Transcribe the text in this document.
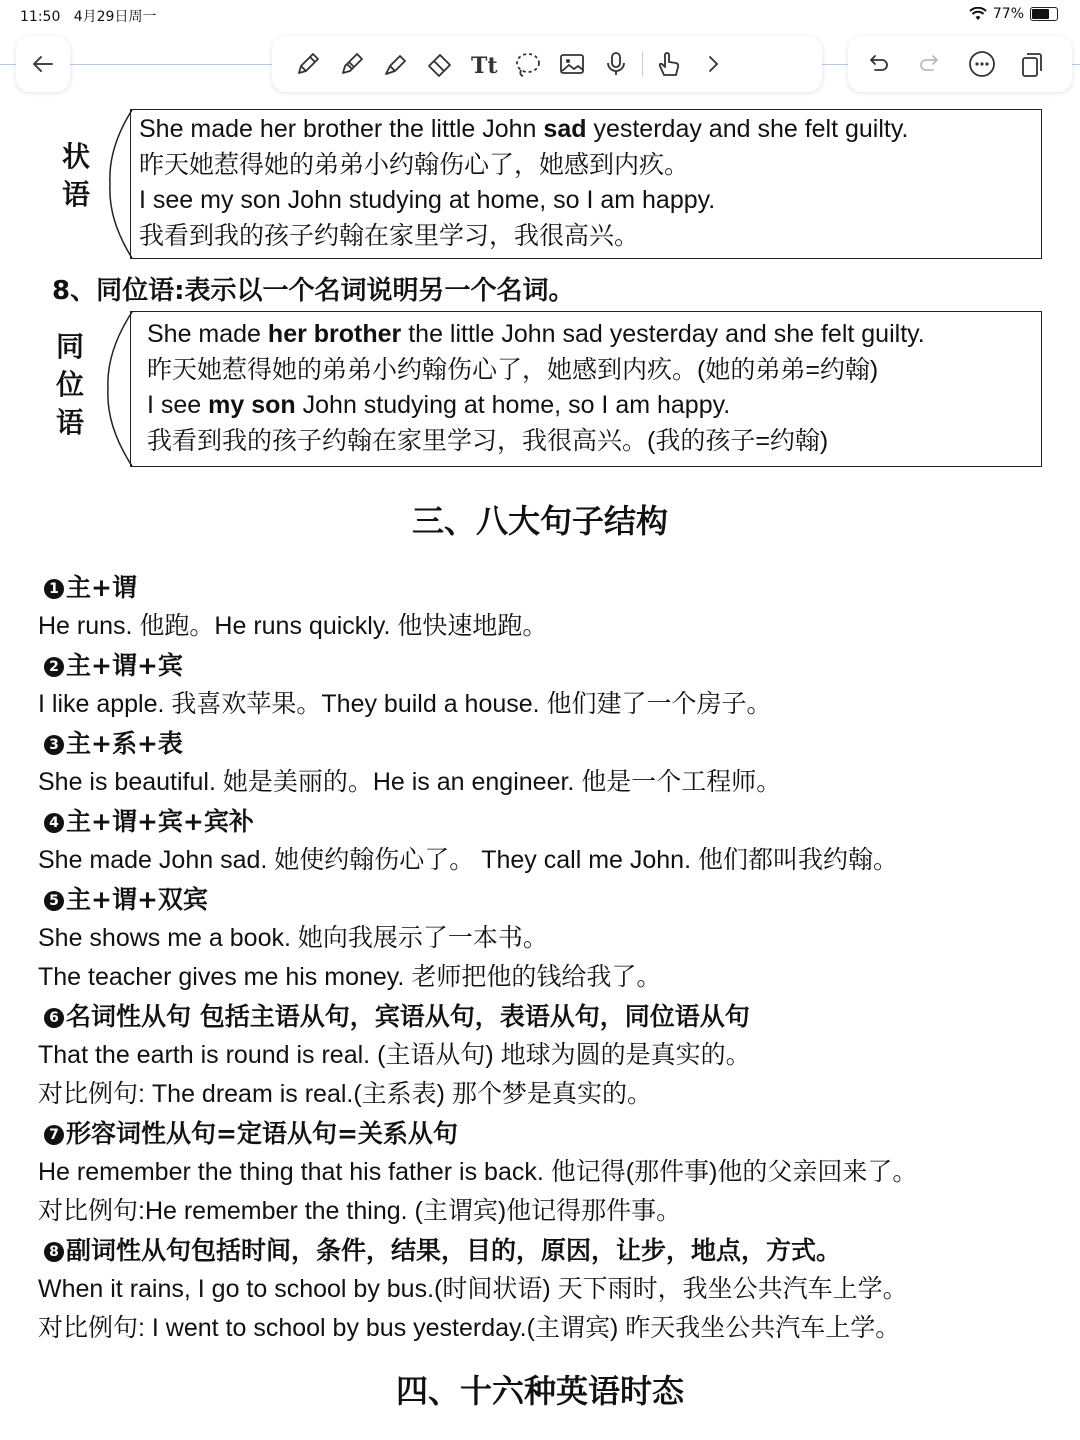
11:50 4月29日周一	77%
Tt
状
语

She made her brother the little John sad yesterday and she felt guilty.

昨天她惹得她的弟弟小约翰伤心了，她感到内疚。

I see my son John studying at home, so I am happy.

我看到我的孩子约翰在家里学习，我很高兴。

8、同位语:表示以一个名词说明另一个名词。
同
位
语

She made her brother the little John sad yesterday and she felt guilty.

昨天她惹得她的弟弟小约翰伤心了，她感到内疚。(她的弟弟=约翰)

I see my son John studying at home, so I am happy.

我看到我的孩子约翰在家里学习，我很高兴。(我的孩子=约翰)

三、八大句子结构
1 主+谓
He runs. 他跑。He runs quickly. 他快速地跑。
2 主+谓+宾
I like apple. 我喜欢苹果。They build a house. 他们建了一个房子。
3 主+系+表
She is beautiful. 她是美丽的。He is an engineer. 他是一个工程师。
4 主+谓+宾+宾补
She made John sad. 她使约翰伤心了。 They call me John. 他们都叫我约翰。
5 主+谓+双宾
She shows me a book. 她向我展示了一本书。
The teacher gives me his money. 老师把他的钱给我了。
6 名词性从句 包括主语从句，宾语从句，表语从句，同位语从句
That the earth is round is real. (主语从句) 地球为圆的是真实的。
对比例句: The dream is real.(主系表) 那个梦是真实的。
7 形容词性从句=定语从句=关系从句
He remember the thing that his father is back. 他记得(那件事)他的父亲回来了。
对比例句:He remember the thing. (主谓宾)他记得那件事。
8 副词性从句包括时间，条件，结果，目的，原因，让步，地点，方式。
When it rains, I go to school by bus.(时间状语) 天下雨时，我坐公共汽车上学。
对比例句: I went to school by bus yesterday.(主谓宾) 昨天我坐公共汽车上学。
四、十六种英语时态
